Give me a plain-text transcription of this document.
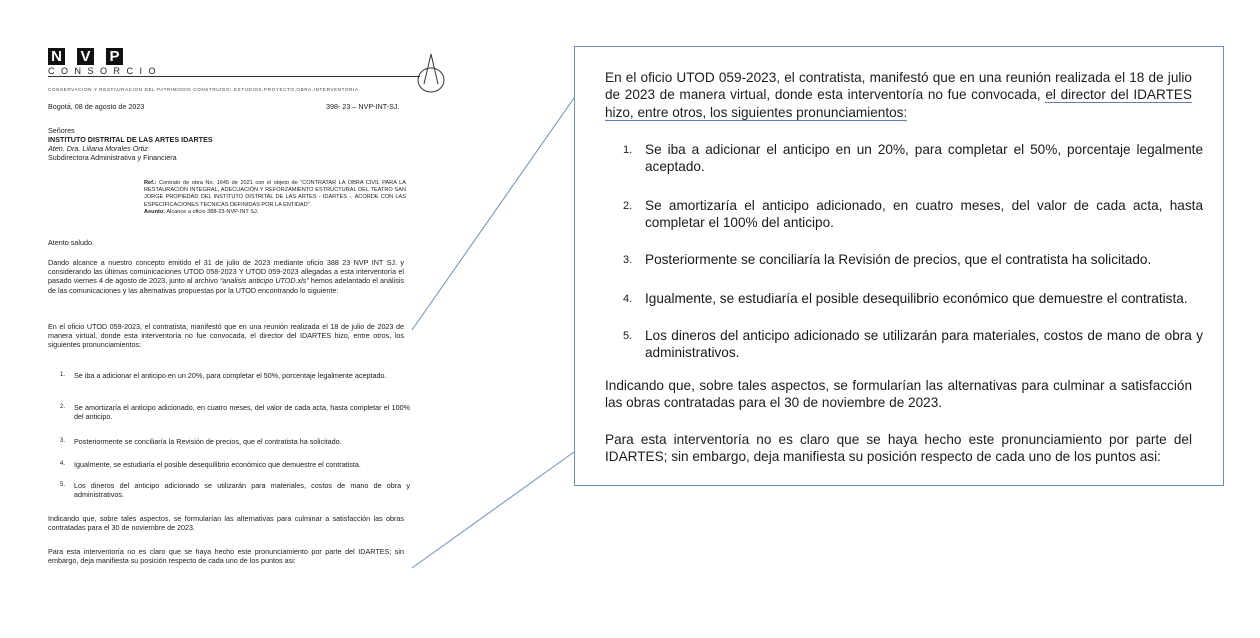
N V P
CONSORCIO
CONSERVACION Y RESTAURACION DEL PATRIMONIO CONSTRUIDO: ESTUDIOS,PROYECTO,OBRA,INTERVENTORIA.
Bogotá, 08 de agosto de 2023	398- 23 – NVP-INT-SJ.
Señores
INSTITUTO DISTRITAL DE LAS ARTES IDARTES
Aten. Dra. Liliana Morales Ortiz
Subdirectora Administrativa y Financiera
Ref.: Contrato de obra No. 1645 de 2021 con el objeto de “CONTRATAR LA OBRA CIVIL PARA LA RESTAURACIÓN INTEGRAL, ADECUACIÓN Y REFORZAMIENTO ESTRUCTURAL DEL TEATRO SAN JORGE PROPIEDAD DEL INSTITUTO DISTRITAL DE LAS ARTES - IDARTES -, ACORDE CON LAS ESPECIFICACIONES TECNICAS DEFINIDAS POR LA ENTIDAD”.
Asunto: Alcance a oficio 388-23-NVP-INT SJ.
Atento saludo.
Dando alcance a nuestro concepto emitido el 31 de julio de 2023 mediante oficio 388 23 NVP INT SJ. y considerando las últimas comunicaciones UTOD 058-2023 Y UTOD 059-2023 allegadas a esta interventoría el pasado viernes 4 de agosto de 2023, junto al archivo “analisis anticipo UTOD.xls” hemos adelantado el análisis de las comunicaciones y las alternativas propuestas por la UTOD encontrando lo siguiente:
En el oficio UTOD 059-2023, el contratista, manifestó que en una reunión realizada el 18 de julio de 2023 de manera virtual, donde esta interventoría no fue convocada, el director del IDARTES hizo, entre otros, los siguientes pronunciamientos:
1.	Se iba a adicionar el anticipo en un 20%, para completar el 50%, porcentaje legalmente aceptado.
2.	Se amortizaría el anticipo adicionado, en cuatro meses, del valor de cada acta, hasta completar el 100% del anticipo.
3.	Posteriormente se conciliaría la Revisión de precios, que el contratista ha solicitado.
4.	Igualmente, se estudiaría el posible desequilibrio económico que demuestre el contratista.
5.	Los dineros del anticipo adicionado se utilizarán para materiales, costos de mano de obra y administrativos.
Indicando que, sobre tales aspectos, se formularían las alternativas para culminar a satisfacción las obras contratadas para el 30 de noviembre de 2023.
Para esta interventoría no es claro que se haya hecho este pronunciamiento por parte del IDARTES; sin embargo, deja manifiesta su posición respecto de cada uno de los puntos asi:
En el oficio UTOD 059-2023, el contratista, manifestó que en una reunión realizada el 18 de julio de 2023 de manera virtual, donde esta interventoría no fue convocada, el director del IDARTES hizo, entre otros, los siguientes pronunciamientos:
1. Se iba a adicionar el anticipo en un 20%, para completar el 50%, porcentaje legalmente aceptado.
2. Se amortizaría el anticipo adicionado, en cuatro meses, del valor de cada acta, hasta completar el 100% del anticipo.
3. Posteriormente se conciliaría la Revisión de precios, que el contratista ha solicitado.
4. Igualmente, se estudiaría el posible desequilibrio económico que demuestre el contratista.
5. Los dineros del anticipo adicionado se utilizarán para materiales, costos de mano de obra y administrativos.
Indicando que, sobre tales aspectos, se formularían las alternativas para culminar a satisfacción las obras contratadas para el 30 de noviembre de 2023.
Para esta interventoría no es claro que se haya hecho este pronunciamiento por parte del IDARTES; sin embargo, deja manifiesta su posición respecto de cada uno de los puntos asi:
